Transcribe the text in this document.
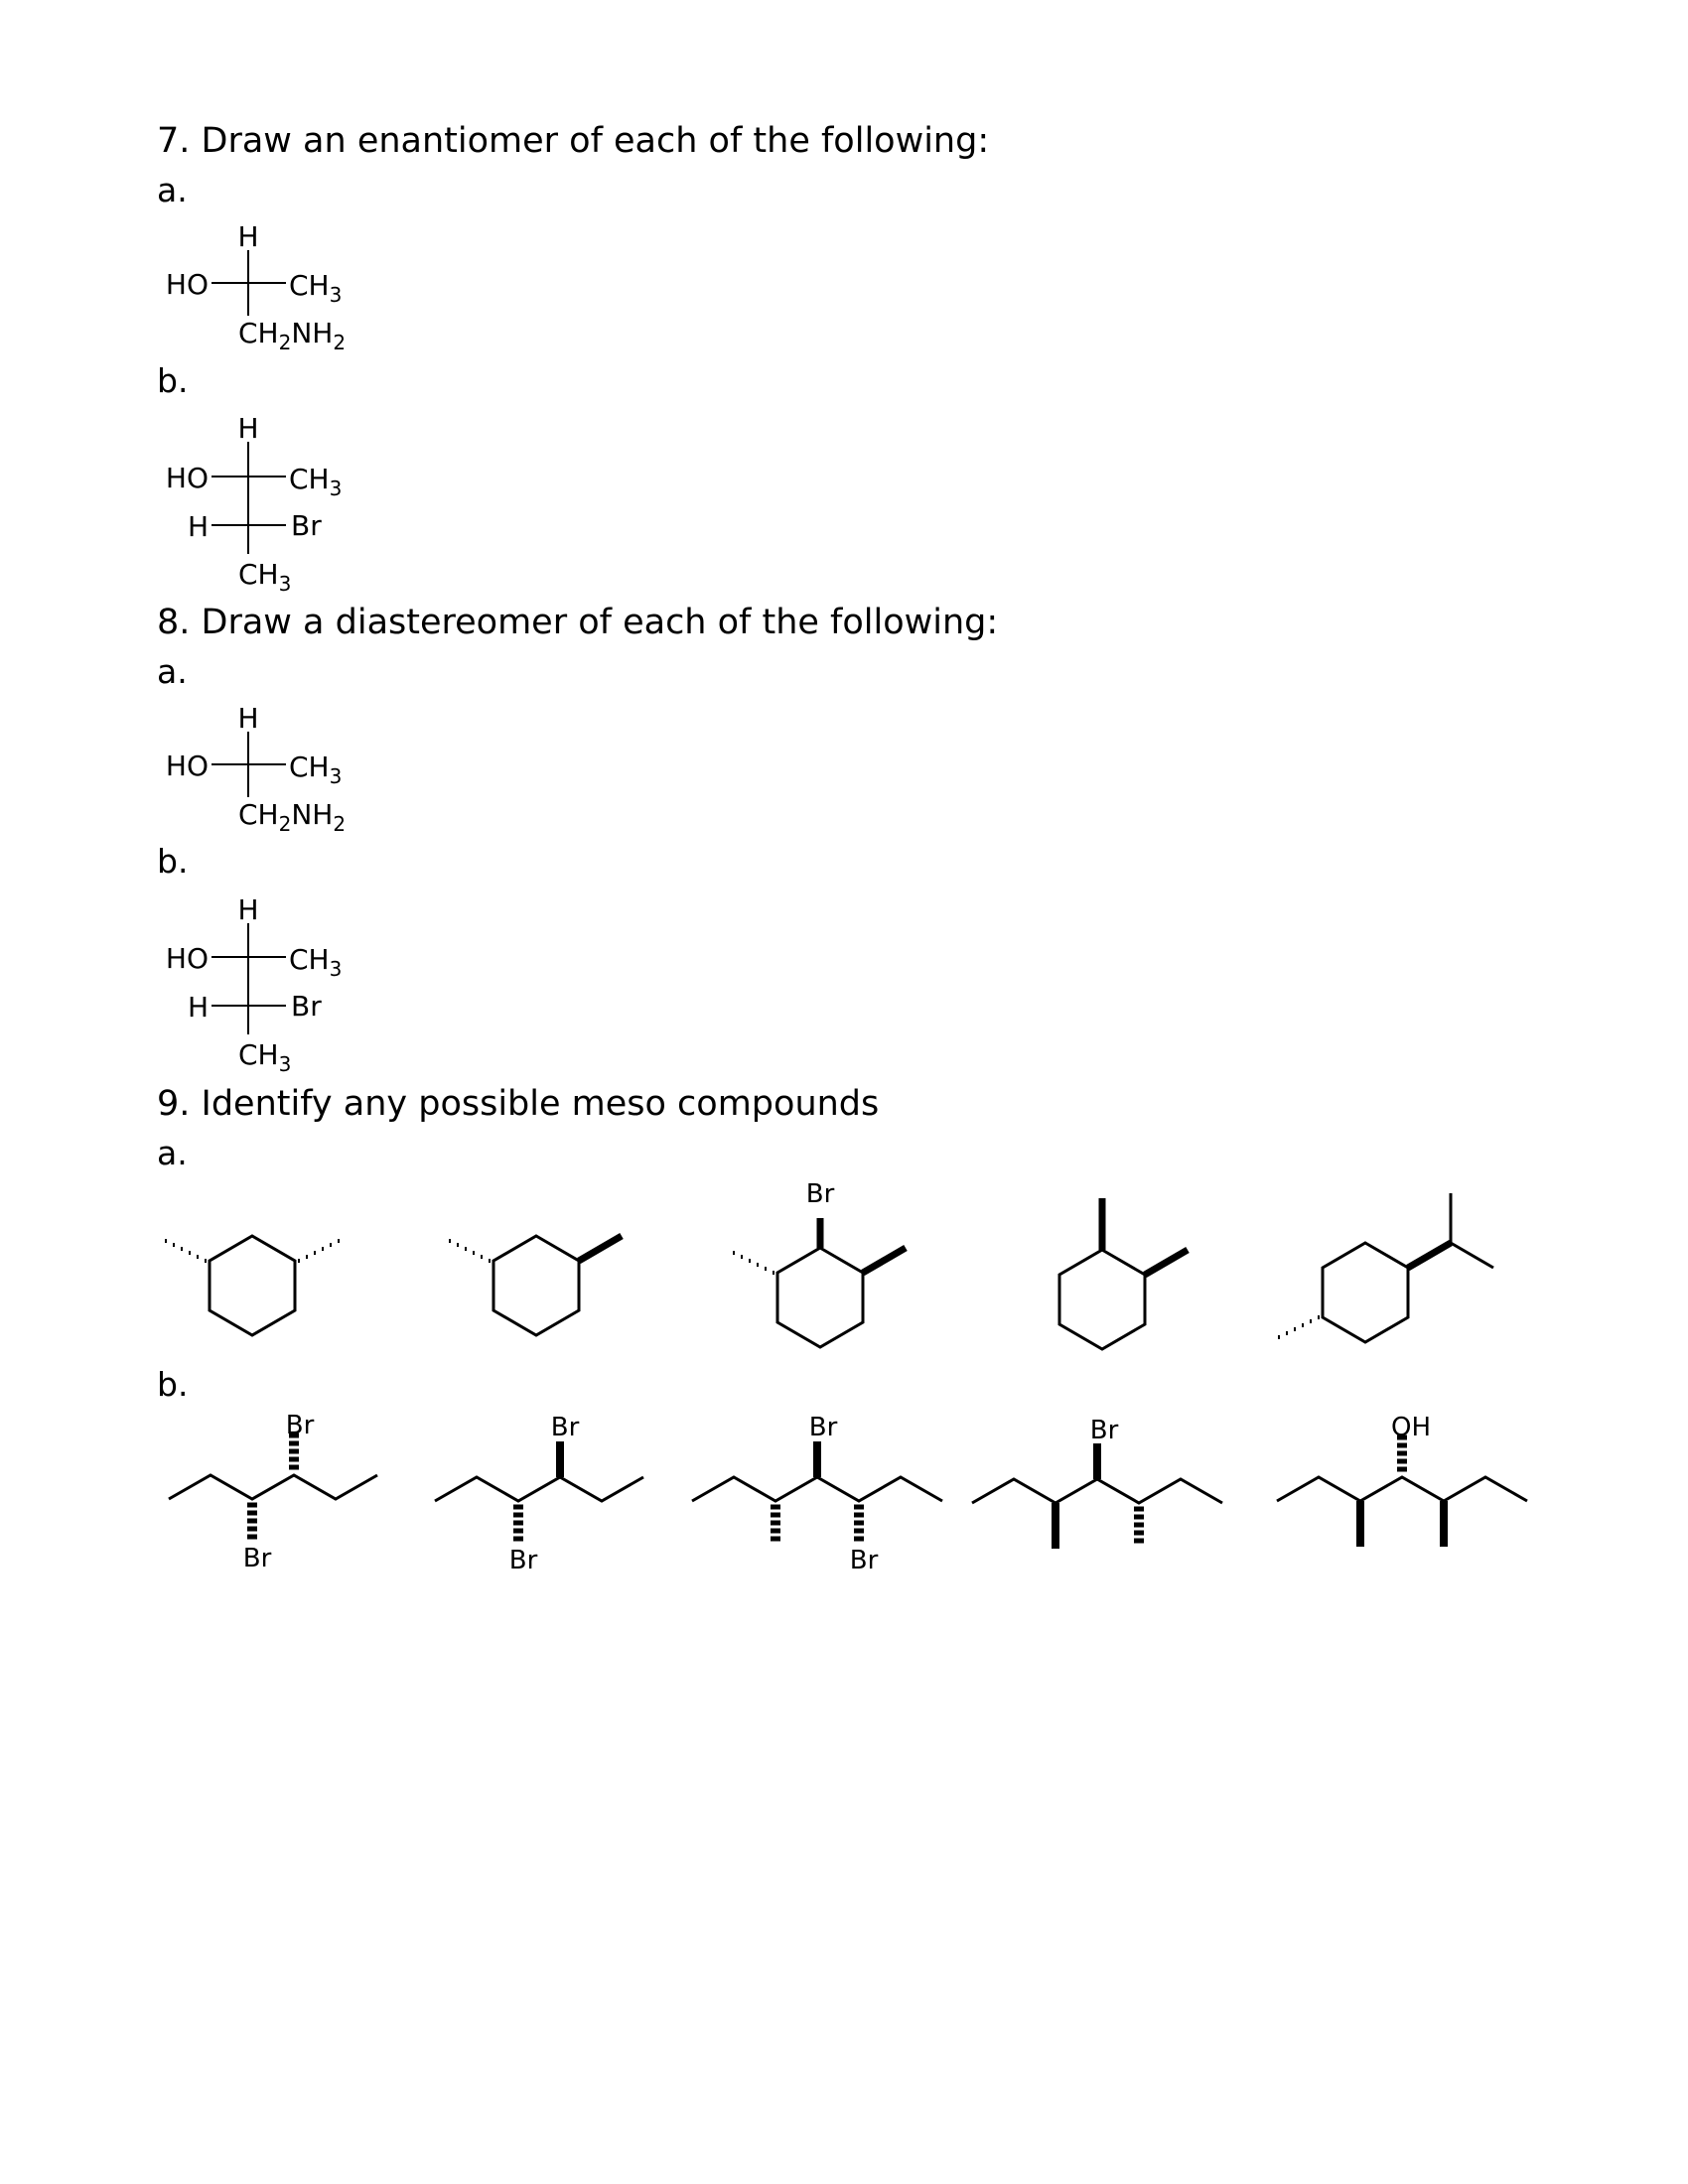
7. Draw an enantiomer of each of the following:
a.
b.
8. Draw a diastereomer of each of the following:
a.
b.
9. Identify any possible meso compounds
a.
b.
H
HO	$CH_3$
$CH_2NH_2$
H
HO	$CH_3$
H	Br
$CH_3$
H
HO	$CH_3$
$CH_2NH_2$
H
HO	$CH_3$
H	Br
$CH_3$
Br
Br
Br
Br
Br
Br
Br
Br	OH
